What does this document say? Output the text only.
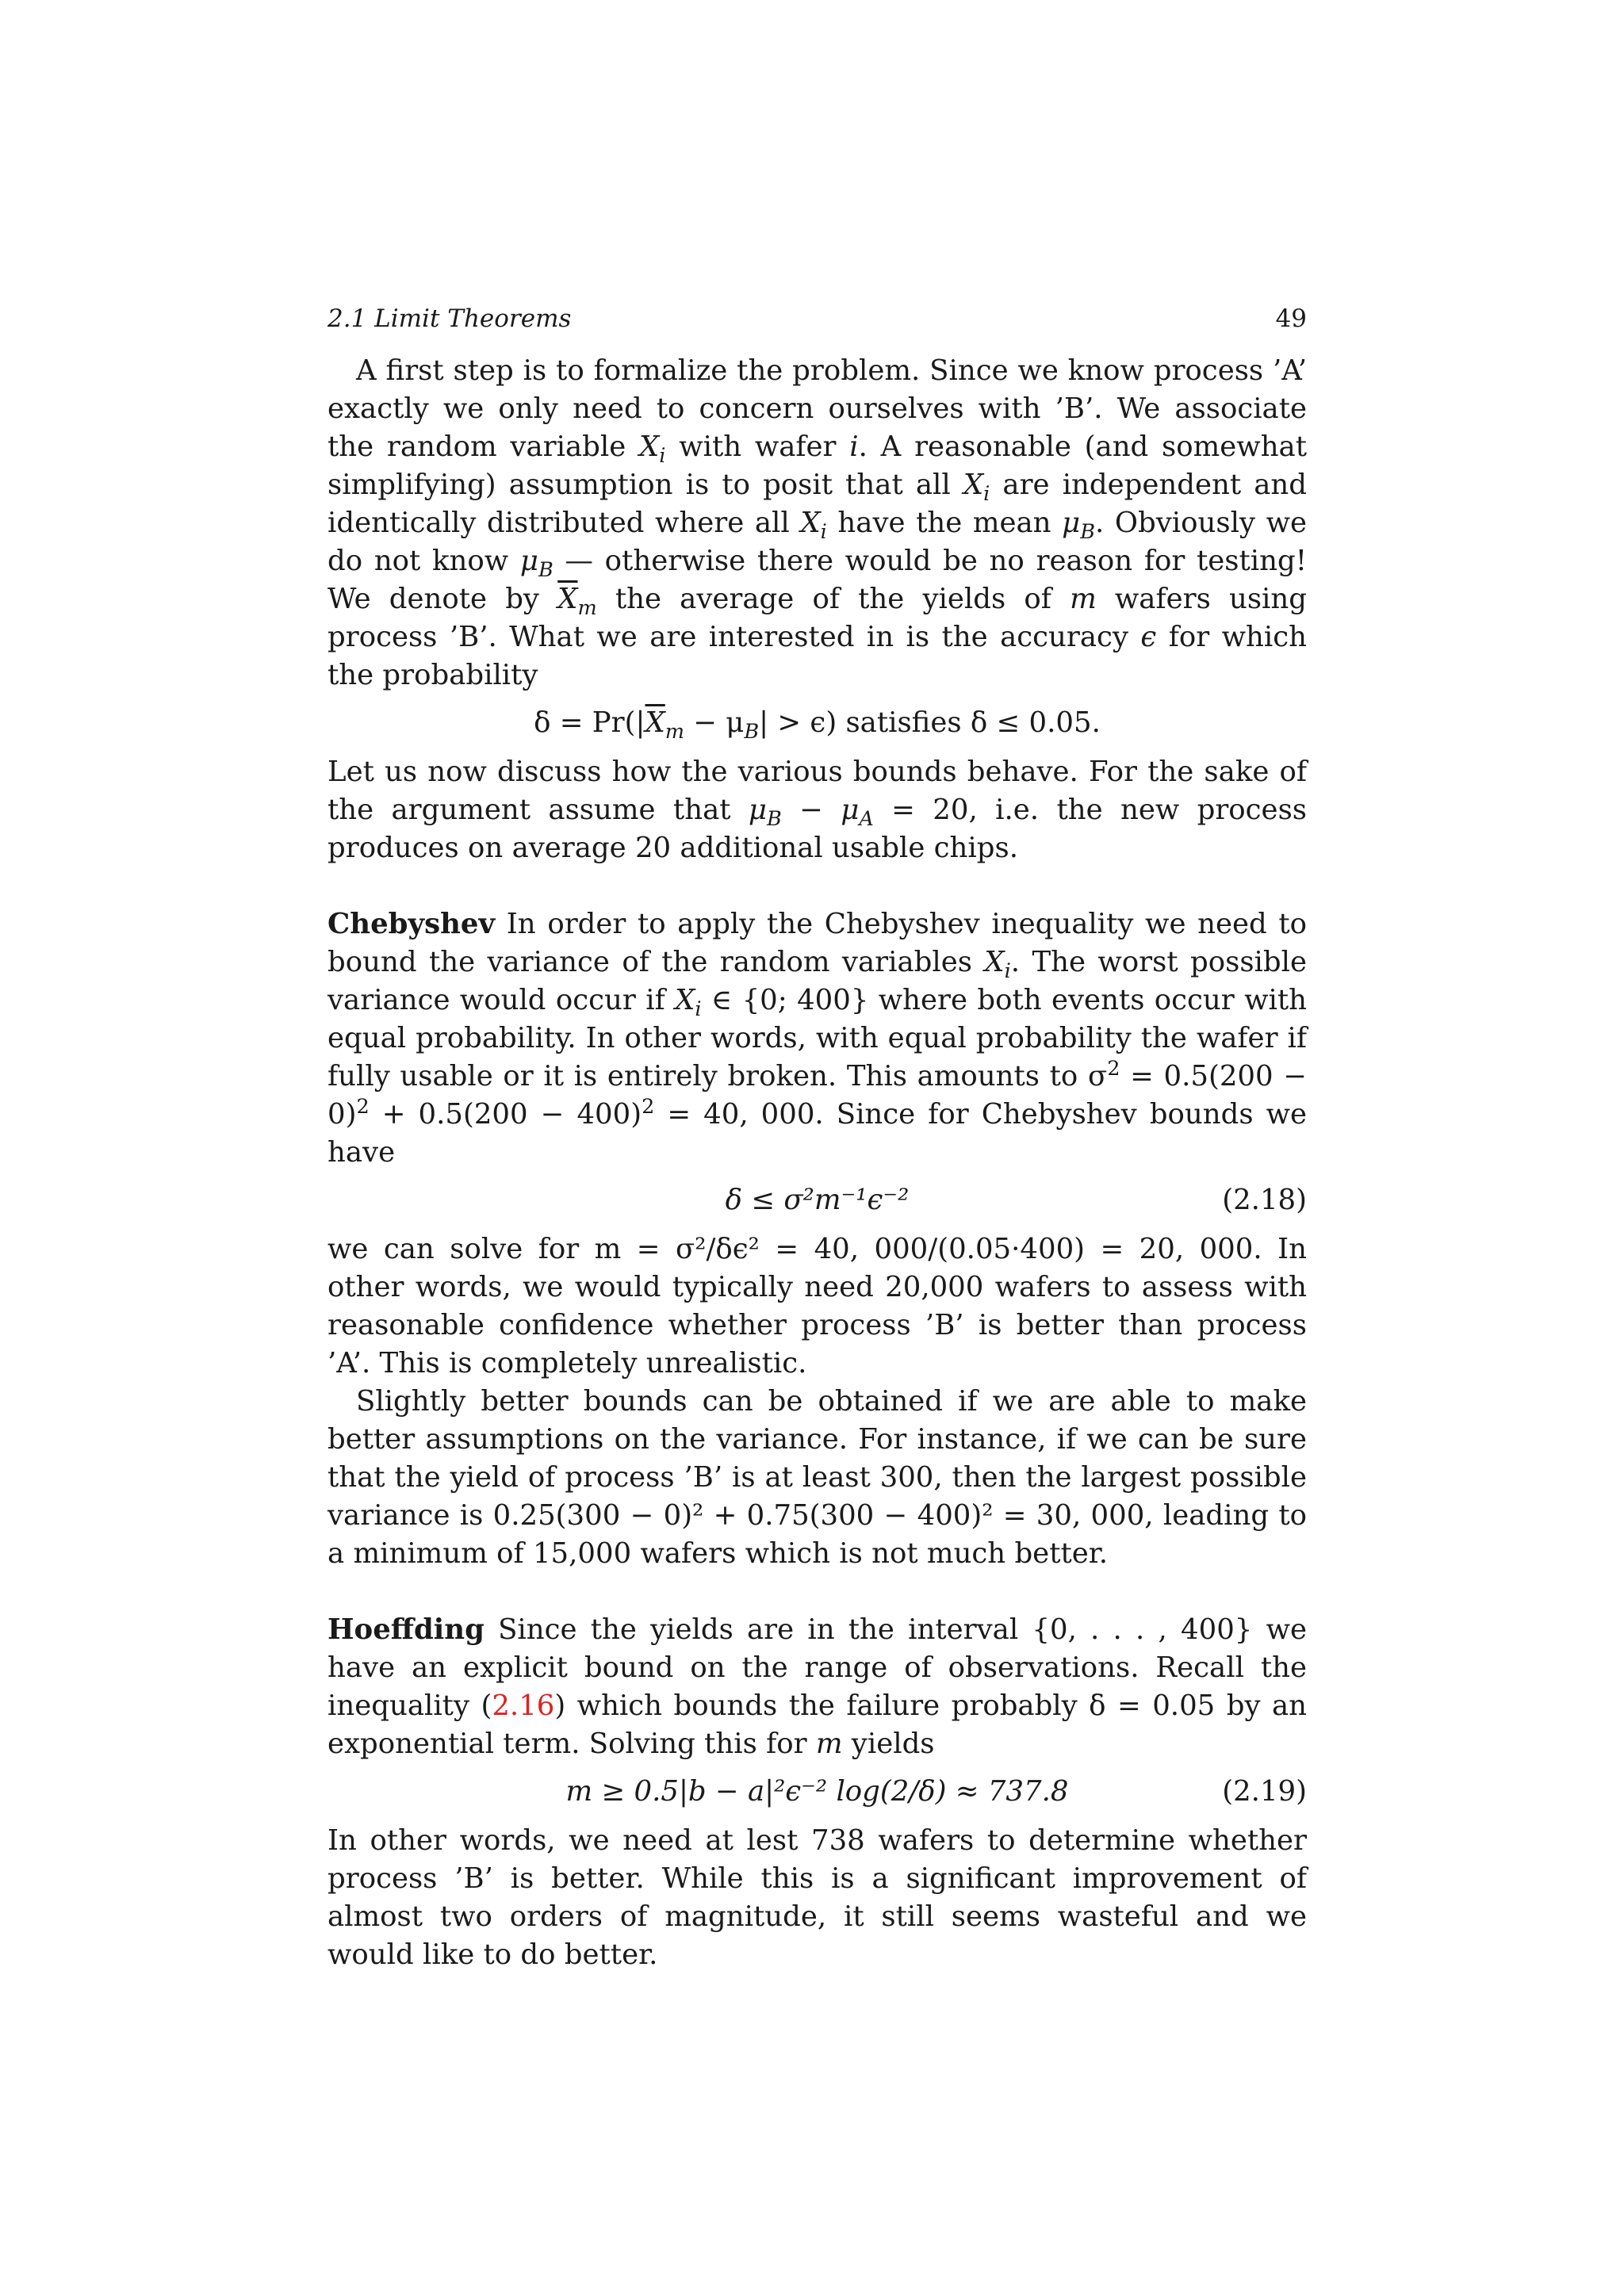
2.1 Limit Theorems	49

A first step is to formalize the problem. Since we know process ’A’ exactly we only need to concern ourselves with ’B’. We associate the random variable $X_i$ with wafer i. A reasonable (and somewhat simplifying) assumption is to posit that all $X_i$ are independent and identically distributed where all $X_i$ have the mean $\mu_B$. Obviously we do not know $\mu_B$ — otherwise there would be no reason for testing! We denote by $\overline{X}_m$ the average of the yields of m wafers using process ’B’. What we are interested in is the accuracy ϵ for which the probability

$\delta = Pr(|\overline{X}_m - \mu_B| > \epsilon)$ satisfies δ ≤ 0.05.

Let us now discuss how the various bounds behave. For the sake of the argument assume that $\mu_B - \mu_A = 20$, i.e. the new process produces on average 20 additional usable chips.

Chebyshev In order to apply the Chebyshev inequality we need to bound the variance of the random variables $X_i$. The worst possible variance would occur if $X_i$ ∈ {0; 400} where both events occur with equal probability. In other words, with equal probability the wafer if fully usable or it is entirely broken. This amounts to $\sigma^2 = 0.5(200 - 0)^2 + 0.5(200 - 400)^2 = 40$, 000. Since for Chebyshev bounds we have

δ ≤ σ²m⁻¹ϵ⁻²	(2.18)

we can solve for m = σ²/δϵ² = 40, 000/(0.05·400) = 20, 000. In other words, we would typically need 20,000 wafers to assess with reasonable confidence whether process ’B’ is better than process ’A’. This is completely unrealistic.

Slightly better bounds can be obtained if we are able to make better assumptions on the variance. For instance, if we can be sure that the yield of process ’B’ is at least 300, then the largest possible variance is 0.25(300 − 0)² + 0.75(300 − 400)² = 30, 000, leading to a minimum of 15,000 wafers which is not much better.

Hoeffding Since the yields are in the interval {0, . . . , 400} we have an explicit bound on the range of observations. Recall the inequality (2.16) which bounds the failure probably δ = 0.05 by an exponential term. Solving this for m yields

m ≥ 0.5|b − a|²ϵ⁻² log(2/δ) ≈ 737.8	(2.19)

In other words, we need at lest 738 wafers to determine whether process ’B’ is better. While this is a significant improvement of almost two orders of magnitude, it still seems wasteful and we would like to do better.
